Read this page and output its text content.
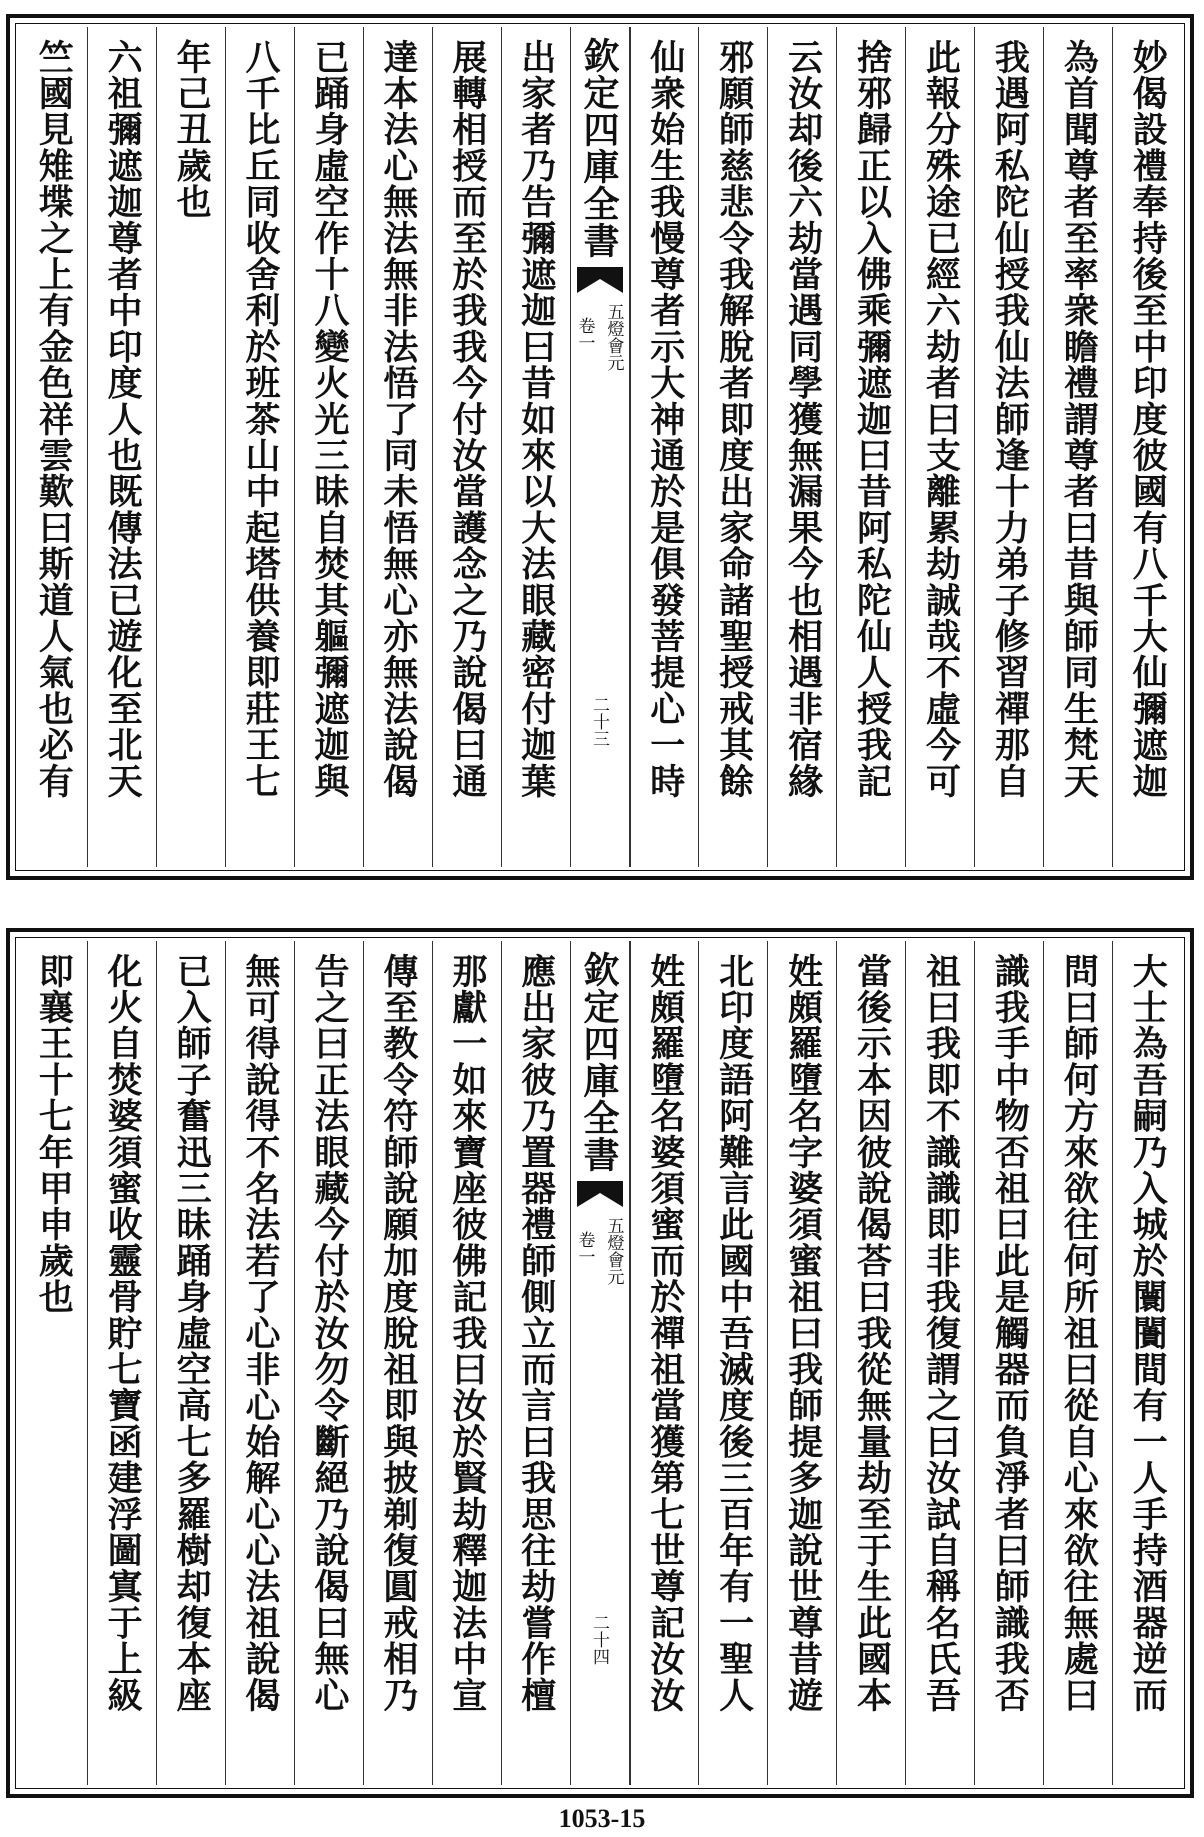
妙偈設禮奉持後至中印度彼國有八千大仙彌遮迦
為首聞尊者至率衆瞻禮謂尊者曰昔與師同生梵天
我遇阿私陀仙授我仙法師逢十力弟子修習禪那自
此報分殊途已經六劫者曰支離累劫誠哉不虛今可
捨邪歸正以入佛乘彌遮迦曰昔阿私陀仙人授我記
云汝却後六劫當遇同學獲無漏果今也相遇非宿緣
邪願師慈悲令我解脫者即度出家命諸聖授戒其餘
仙衆始生我慢尊者示大神通於是俱發菩提心一時
欽定四庫全書
五燈會元
卷一
二十三
出家者乃告彌遮迦曰昔如來以大法眼藏密付迦葉
展轉相授而至於我我今付汝當護念之乃說偈曰通
達本法心無法無非法悟了同未悟無心亦無法說偈
已踊身虛空作十八變火光三昧自焚其軀彌遮迦與
八千比丘同收舍利於班茶山中起塔供養即莊王七
年己丑歲也
六祖彌遮迦尊者中印度人也既傳法已遊化至北天
竺國見雉堞之上有金色祥雲歎曰斯道人氣也必有
大士為吾嗣乃入城於闤闠間有一人手持酒器逆而
問曰師何方來欲往何所祖曰從自心來欲往無處曰
識我手中物否祖曰此是觸器而負淨者曰師識我否
祖曰我即不識識即非我復謂之曰汝試自稱名氏吾
當後示本因彼說偈荅曰我從無量劫至于生此國本
姓頗羅墮名字婆須蜜祖曰我師提多迦說世尊昔遊
北印度語阿難言此國中吾滅度後三百年有一聖人
姓頗羅墮名婆須蜜而於禪祖當獲第七世尊記汝汝
欽定四庫全書
五燈會元
卷一
二十四
應出家彼乃置器禮師側立而言曰我思往劫嘗作檀
那獻一如來寶座彼佛記我曰汝於賢劫釋迦法中宣
傳至教令符師說願加度脫祖即與披剃復圓戒相乃
告之曰正法眼藏今付於汝勿令斷絕乃說偈曰無心
無可得說得不名法若了心非心始解心心法祖說偈
已入師子奮迅三昧踊身虛空高七多羅樹却復本座
化火自焚婆須蜜收靈骨貯七寶函建浮圖寘于上級
即襄王十七年甲申歲也
1053-15
